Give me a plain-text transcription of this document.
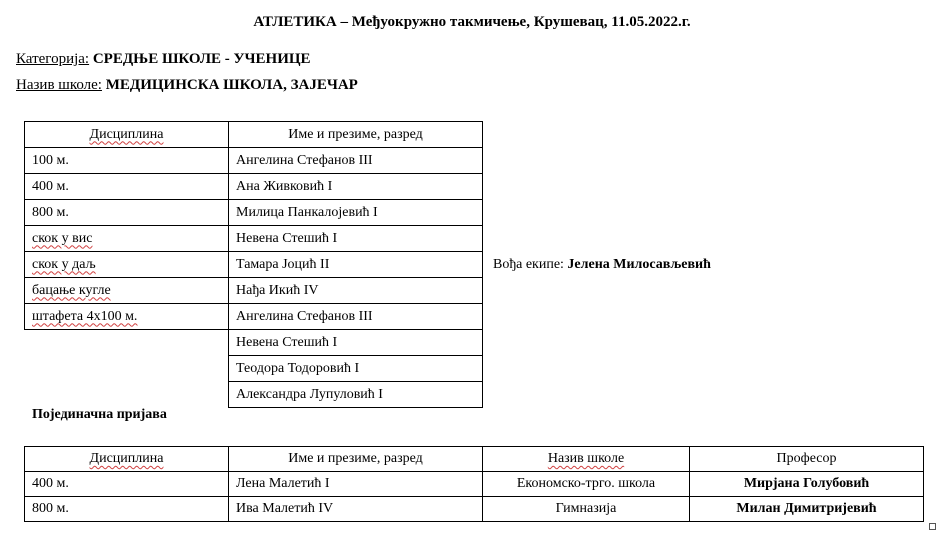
АТЛЕТИКА – Међуокружно такмичење, Крушевац, 11.05.2022.г.
Категорија: СРЕДЊЕ ШКОЛЕ - УЧЕНИЦЕ
Назив школе: МЕДИЦИНСКА ШКОЛА, ЗАЈЕЧАР
Дисциплина	Име и презиме, разред
100 м.	Ангелина Стефанов III
400 м.	Ана Живковић I
800 м.	Милица Панкалојевић I
скок у вис	Невена Стешић I
скок у даљ	Тамара Јоцић II
бацање кугле	Нађа Икић IV
штафета 4х100 м.	Ангелина Стефанов III
	Невена Стешић I
	Теодора Тодоровић I
	Александра Лупуловић I
Вођа екипе: Јелена Милосављевић
Појединачна пријава
Дисциплина	Име и презиме, разред	Назив школе	Професор
400 м.	Лена Малетић I	Економско-трго. школа	Мирјана Голубовић
800 м.	Ива Малетић IV	Гимназија	Милан Димитријевић
